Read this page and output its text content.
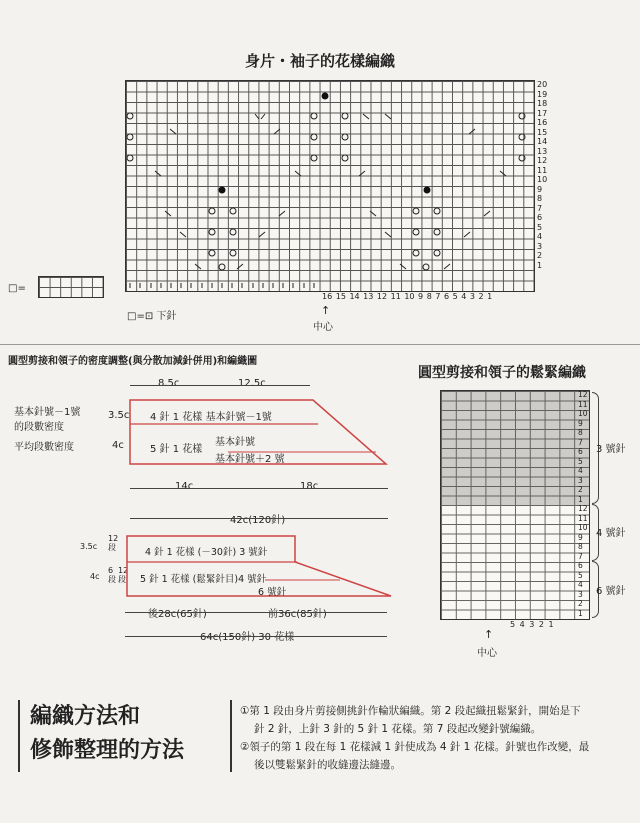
身片・袖子的花樣編織
20
19
18
17
16
15
14
13
12
11
10
9
8
7
6
5
4
3
2
1
16 15 14 13 12 11 10 9 8 7 6 5 4 3 2 1
□=
□=⊡ 下針	↑
中心
圓型剪接和領子的密度調整(與分散加減針併用)和編織圖
8.5c	12.5c
基本針號－1號
的段數密度
平均段數密度
3.5c
4c
4 針 1 花樣 基本針號－1號
5 針 1 花樣
基本針號
基本針號＋2 號
14c	18c
42c(120針)
3.5c
12段
4c
6段
12段
4 針 1 花樣 (－30針) 3 號針
5 針 1 花樣 (鬆緊針目)4 號針
6 號針
後28c(65針)	前36c(85針)
64c(150針) 30 花樣
圓型剪接和領子的鬆緊編織
12
11
10
9
8
7
6
5
4
3
2
1
12
11
10
9
8
7
6
5
4
3
2
1
5 4 3 2 1
3 號針
4 號針
6 號針
↑
中心
編織方法和
修飾整理的方法
①第 1 段由身片剪接側挑針作輪狀編織。第 2 段起織扭鬆緊針，開始是下
針 2 針，上針 3 針的 5 針 1 花樣。第 7 段起改變針號編織。
②領子的第 1 段在每 1 花樣減 1 針使成為 4 針 1 花樣。針號也作改變，最
後以雙鬆緊針的收縫邊法縫邊。
